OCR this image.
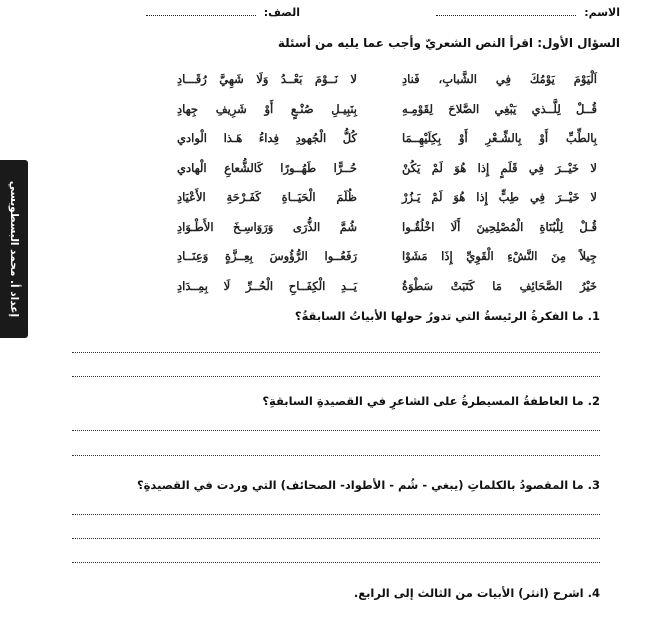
الاسم:
الصف:
السؤال الأول: اقرأ النص الشعريّ وأجب عما يليه من أسئلة
اَلْيَوْمَ يَوْمُكَ فِي الشَّبابِ، فَنادِ
لا نَــوْمَ بَعْــدُ وَلَا شَهِيَّ رُقَـــادِ
قُــلْ لِلَّــذي يَبْغِي الصَّلاحَ لِقَوْمِـهِ
بِنَبِيـلِ صُنْـعٍ أَوْ شَرِيفِ جِهادِ
بِالطِّبِّ أَوْ بِالشِّـعْرِ أَوْ بِكِلَيْهِــمَا
كُلُّ الْجُهودِ فِداءُ هَـذا الْوادي
لا خَيْــرَ فِي قَلَمٍ إِذا هُوَ لَمْ يَكُنْ
حُــرًّا طَهُــورًا كَالشُّعاعِ الْهادي
لا خَيْــرَ فِي طِبٍّ إِذا هُوَ لَمْ يَـزُرْ
ظُلَمَ الْحَيَــاةِ كَفَـرْحَةِ الأَعْيَادِ
قُـلْ لِلْبُنَاةِ الْمُصْلِحِينَ أَلَا اخْلُقُـوا
شُمَّ الذُّرَى وَرَوَاسِـخَ الأَطْـوَادِ
جِيلاً مِنَ النَّشْءِ الْقَوِيِّ إِذَا مَشَوْا
رَفَعُــوا الرُّؤُوسَ بِعِــزَّةٍ وَعِنَــادِ
خَيْرُ الصَّحَائِفِ مَا كَتَبَتْ سَطْوَةُ
يَــدِ الْكِفَــاحِ الْحُــرِّ لَا بِمِــدَادِ
إعداد أ. محمد البسطويسي	1. ما الفكرةُ الرئيسةُ التي تدورُ حولها الأبياتُ السابقةُ؟
2. ما العاطفةُ المسيطرةُ على الشاعرِ في القصيدةِ السابقةِ؟
3. ما المقصودُ بالكلماتِ (يبغي - شُم - الأطواد- الصحائف) التي وردت في القصيدةِ؟
4. اشرح (انثر) الأبيات من الثالث إلى الرابع.
